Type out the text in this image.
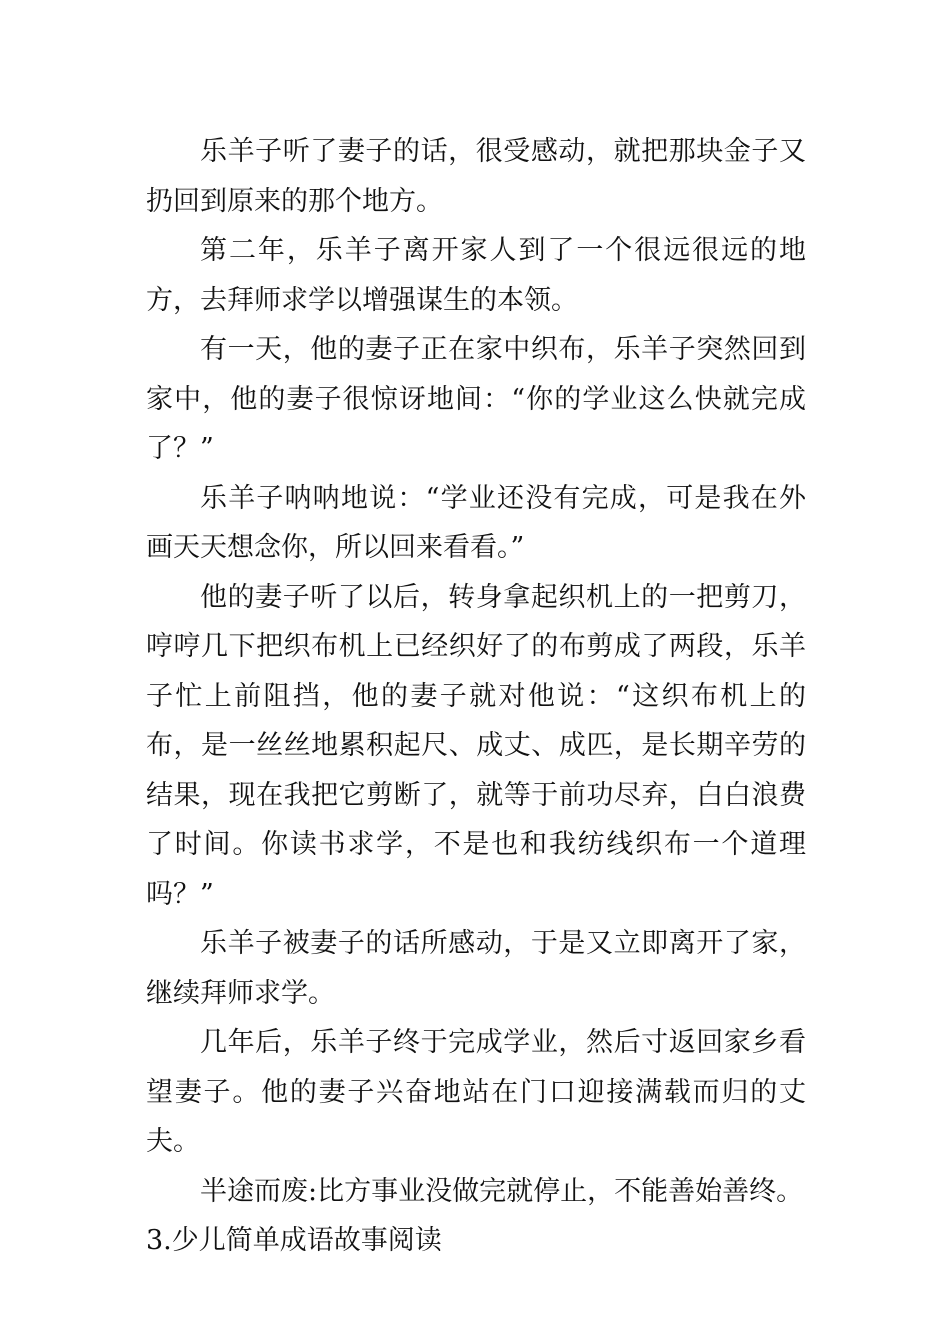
乐羊子听了妻子的话，很受感动，就把那块金子又扔回到原来的那个地方。

第二年，乐羊子离开家人到了一个很远很远的地方，去拜师求学以增强谋生的本领。

有一天，他的妻子正在家中织布，乐羊子突然回到家中，他的妻子很惊讶地间：“你的学业这么快就完成了？”

乐羊子呐呐地说：“学业还没有完成，可是我在外画天天想念你，所以回来看看。”

他的妻子听了以后，转身拿起织机上的一把剪刀，哼哼几下把织布机上已经织好了的布剪成了两段，乐羊子忙上前阻挡，他的妻子就对他说：“这织布机上的布，是一丝丝地累积起尺、成丈、成匹，是长期辛劳的结果，现在我把它剪断了，就等于前功尽弃，白白浪费了时间。你读书求学，不是也和我纺线织布一个道理吗？”

乐羊子被妻子的话所感动，于是又立即离开了家，继续拜师求学。

几年后，乐羊子终于完成学业，然后寸返回家乡看望妻子。他的妻子兴奋地站在门口迎接满载而归的丈夫。

半途而废:比方事业没做完就停止，不能善始善终。

3.少儿简单成语故事阅读
